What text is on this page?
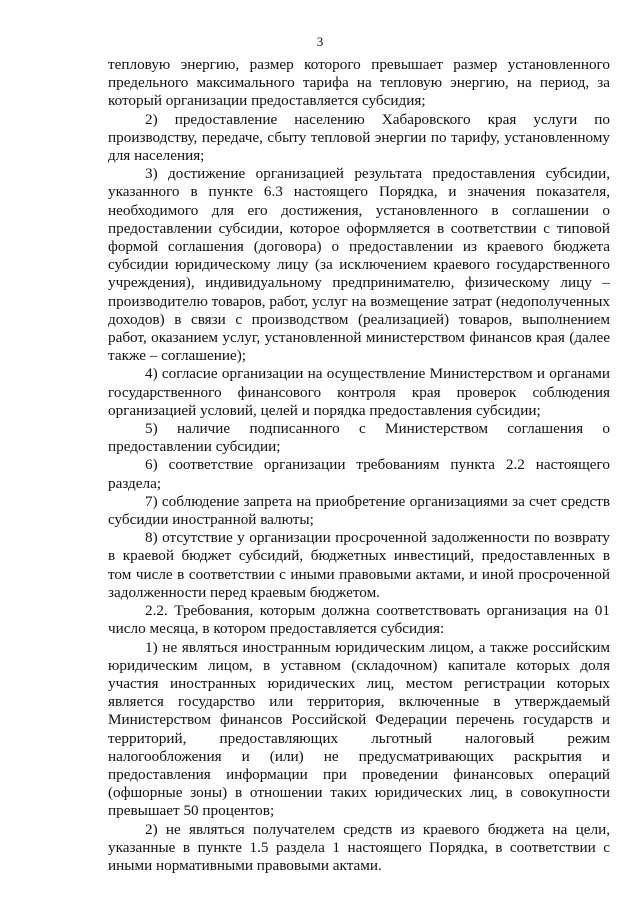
3

тепловую энергию, размер которого превышает размер установленного предельного максимального тарифа на тепловую энергию, на период, за который организации предоставляется субсидия;

2) предоставление населению Хабаровского края услуги по производству, передаче, сбыту тепловой энергии по тарифу, установленному для населения;

3) достижение организацией результата предоставления субсидии, указанного в пункте 6.3 настоящего Порядка, и значения показателя, необходимого для его достижения, установленного в соглашении о предоставлении субсидии, которое оформляется в соответствии с типовой формой соглашения (договора) о предоставлении из краевого бюджета субсидии юридическому лицу (за исключением краевого государственного учреждения), индивидуальному предпринимателю, физическому лицу – производителю товаров, работ, услуг на возмещение затрат (недополученных доходов) в связи с производством (реализацией) товаров, выполнением работ, оказанием услуг, установленной министерством финансов края (далее также – соглашение);

4) согласие организации на осуществление Министерством и органами государственного финансового контроля края проверок соблюдения организацией условий, целей и порядка предоставления субсидии;

5) наличие подписанного с Министерством соглашения о предоставлении субсидии;

6) соответствие организации требованиям пункта 2.2 настоящего раздела;

7) соблюдение запрета на приобретение организациями за счет средств субсидии иностранной валюты;

8) отсутствие у организации просроченной задолженности по возврату в краевой бюджет субсидий, бюджетных инвестиций, предоставленных в том числе в соответствии с иными правовыми актами, и иной просроченной задолженности перед краевым бюджетом.

2.2. Требования, которым должна соответствовать организация на 01 число месяца, в котором предоставляется субсидия:

1) не являться иностранным юридическим лицом, а также российским юридическим лицом, в уставном (складочном) капитале которых доля участия иностранных юридических лиц, местом регистрации которых является государство или территория, включенные в утверждаемый Министерством финансов Российской Федерации перечень государств и территорий, предоставляющих льготный налоговый режим налогообложения и (или) не предусматривающих раскрытия и предоставления информации при проведении финансовых операций (офшорные зоны) в отношении таких юридических лиц, в совокупности превышает 50 процентов;

2) не являться получателем средств из краевого бюджета на цели, указанные в пункте 1.5 раздела 1 настоящего Порядка, в соответствии с иными нормативными правовыми актами.
